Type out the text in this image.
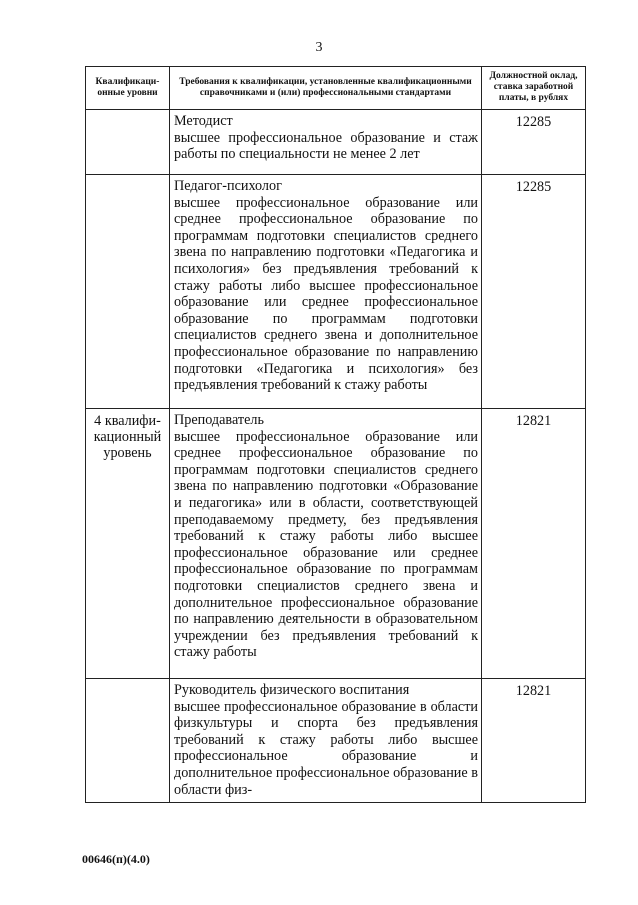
3
Квалификаци-онные уровни	Требования к квалификации, установленные квалификационными справочниками и (или) профессиональными стандартами	Должностной оклад, ставка заработной платы, в рублях

	Методист
высшее профессиональное образование и стаж работы по специальности не менее 2 лет	12285

	Педагог-психолог
высшее профессиональное образование или среднее профессиональное образование по программам подготовки специалистов среднего звена по направлению подготовки «Педагогика и психология» без предъявления требований к стажу работы либо высшее профессиональное образование или среднее профессиональное образование по программам подготовки специалистов среднего звена и дополнительное профессиональное образование по направлению подготовки «Педагогика и психология» без предъявления требований к стажу работы	12285
4 квалифи-кационный уровень	Преподаватель
высшее профессиональное образование или среднее профессиональное образование по программам подготовки специалистов среднего звена по направлению подготовки «Образование и педагогика» или в области, соответствующей преподаваемому предмету, без предъявления требований к стажу работы либо высшее профессиональное образование или среднее профессиональное образование по программам подготовки специалистов среднего звена и дополнительное профессиональное образование по направлению деятельности в образовательном учреждении без предъявления требований к стажу работы	12821

	Руководитель физического воспитания
высшее профессиональное образование в области физкультуры и спорта без предъявления требований к стажу работы либо высшее профессиональное образование и дополнительное профессиональное образование в области физ-	12821
00646(п)(4.0)
